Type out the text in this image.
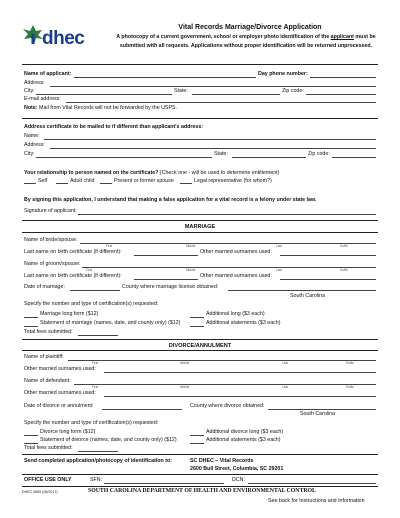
dhec
Vital Records Marriage/Divorce Application
A photocopy of a current government, school or employer photo identification of the applicant must be
submitted with all requests. Applications without proper identification will be returned unprocessed.
Name of applicant:	Day phone number:
Address:
City:	State:	Zip code:
E-mail address:
Note: Mail from Vital Records will not be forwarded by the USPS.
Address certificate to be mailed to if different than applicant's address:
Name:
Address:
City:	State:	Zip code:
Your relationship to person named on the certificate? (Check one - will be used to determine entitlement)
Self	Adult child	Present or former spouse	Legal representative (for whom?)
By signing this application, I understand that making a false application for a vital record is a felony under state law.
Signature of applicant:
MARRIAGE
Name of bride/spouse:
First	Middle	Last	Suffix
Last name on birth certificate (if different):	Other married surnames used:
Name of groom/spouse:
First	Middle	Last	Suffix
Last name on birth certificate (if different):	Other married surnames used:
Date of marriage:	County where marriage license obtained:
South Carolina
Specify the number and type of certification(s) requested:
Marriage long form ($12)	Additional long ($3 each)
Statement of marriage (names, date, and county only) ($12)	Additional statements ($3 each)
Total fees submitted:
DIVORCE/ANNULMENT
Name of plaintiff:
First	Middle	Last	Suffix
Other married surnames used:
Name of defendant:
First	Middle	Last	Suffix
Other married surnames used:
Date of divorce or annulment:	County where divorce obtained:
South Carolina
Specify the number and type of certification(s) requested:
Divorce long form ($12)	Additional divorce long ($3 each)
Statement of divorce (names, date, and county only) ($12)	Additional statements ($3 each)
Total fees submitted:
Send completed application/photocopy of identification to:	SC DHEC – Vital Records
2600 Bull Street, Columbia, SC 29201
OFFICE USE ONLY	SFN:	DCN:
DHEC 0659 (06/2017)	SOUTH CAROLINA DEPARTMENT OF HEALTH AND ENVIRONMENTAL CONTROL
See back for Instructions and Information
